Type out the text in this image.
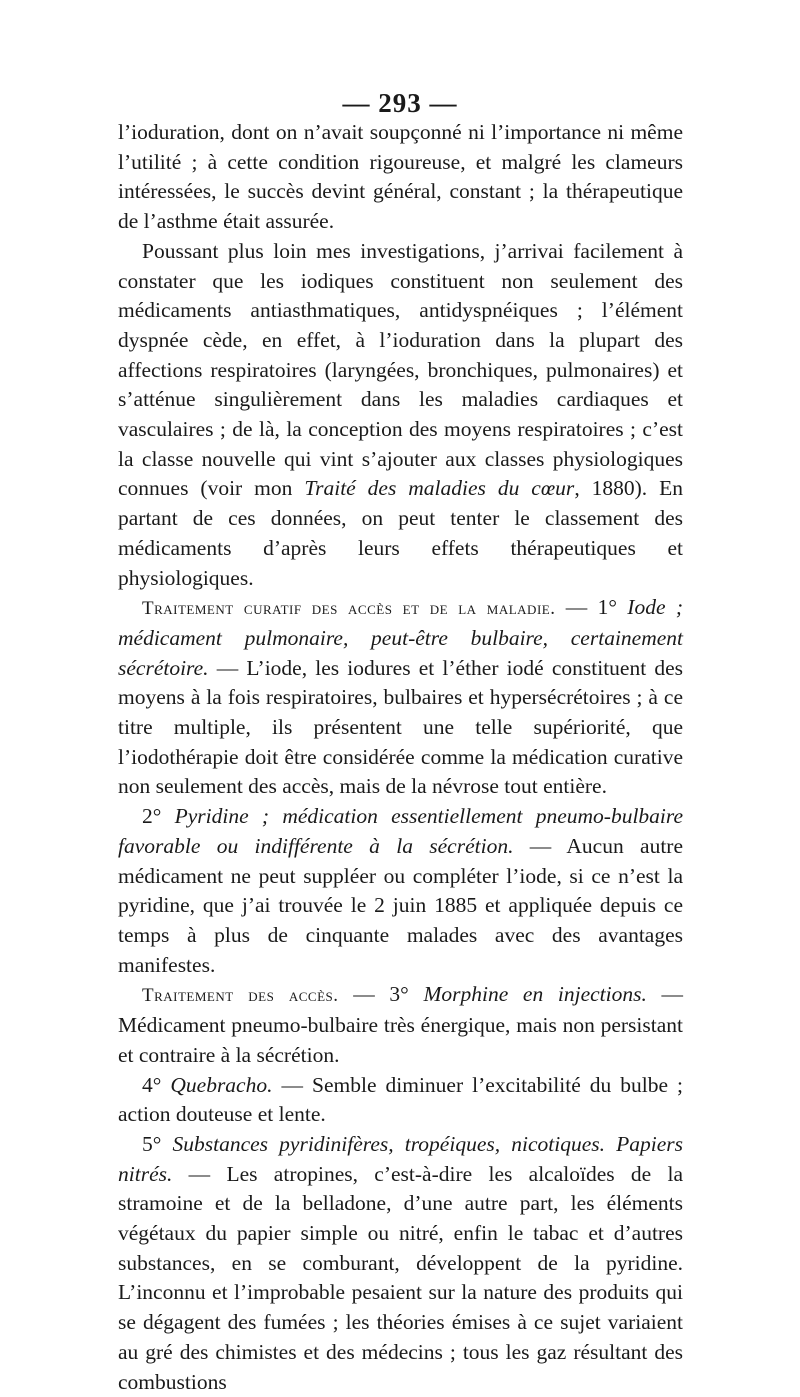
— 293 —

l’ioduration, dont on n’avait soupçonné ni l’importance ni même l’utilité ; à cette condition rigoureuse, et malgré les clameurs intéressées, le succès devint général, constant ; la thérapeutique de l’asthme était assurée.

Poussant plus loin mes investigations, j’arrivai facilement à constater que les iodiques constituent non seulement des médicaments antiasthmatiques, antidyspnéiques ; l’élément dyspnée cède, en effet, à l’ioduration dans la plupart des affections respiratoires (laryngées, bronchiques, pulmonaires) et s’atténue singulièrement dans les maladies cardiaques et vasculaires ; de là, la conception des moyens respiratoires ; c’est la classe nouvelle qui vint s’ajouter aux classes physiologiques connues (voir mon Traité des maladies du cœur, 1880). En partant de ces données, on peut tenter le classement des médicaments d’après leurs effets thérapeutiques et physiologiques.

Traitement curatif des accès et de la maladie. — 1° Iode ; médicament pulmonaire, peut-être bulbaire, certainement sécrétoire. — L’iode, les iodures et l’éther iodé constituent des moyens à la fois respiratoires, bulbaires et hypersécrétoires ; à ce titre multiple, ils présentent une telle supériorité, que l’iodothérapie doit être considérée comme la médication curative non seulement des accès, mais de la névrose tout entière.

2° Pyridine ; médication essentiellement pneumo-bulbaire favorable ou indifférente à la sécrétion. — Aucun autre médicament ne peut suppléer ou compléter l’iode, si ce n’est la pyridine, que j’ai trouvée le 2 juin 1885 et appliquée depuis ce temps à plus de cinquante malades avec des avantages manifestes.

Traitement des accès. — 3° Morphine en injections. — Médicament pneumo-bulbaire très énergique, mais non persistant et contraire à la sécrétion.

4° Quebracho. — Semble diminuer l’excitabilité du bulbe ; action douteuse et lente.

5° Substances pyridinifères, tropéiques, nicotiques. Papiers nitrés. — Les atropines, c’est-à-dire les alcaloïdes de la stramoine et de la belladone, d’une autre part, les éléments végétaux du papier simple ou nitré, enfin le tabac et d’autres substances, en se comburant, développent de la pyridine. L’inconnu et l’improbable pesaient sur la nature des produits qui se dégagent des fumées ; les théories émises à ce sujet variaient au gré des chimistes et des médecins ; tous les gaz résultant des combustions
